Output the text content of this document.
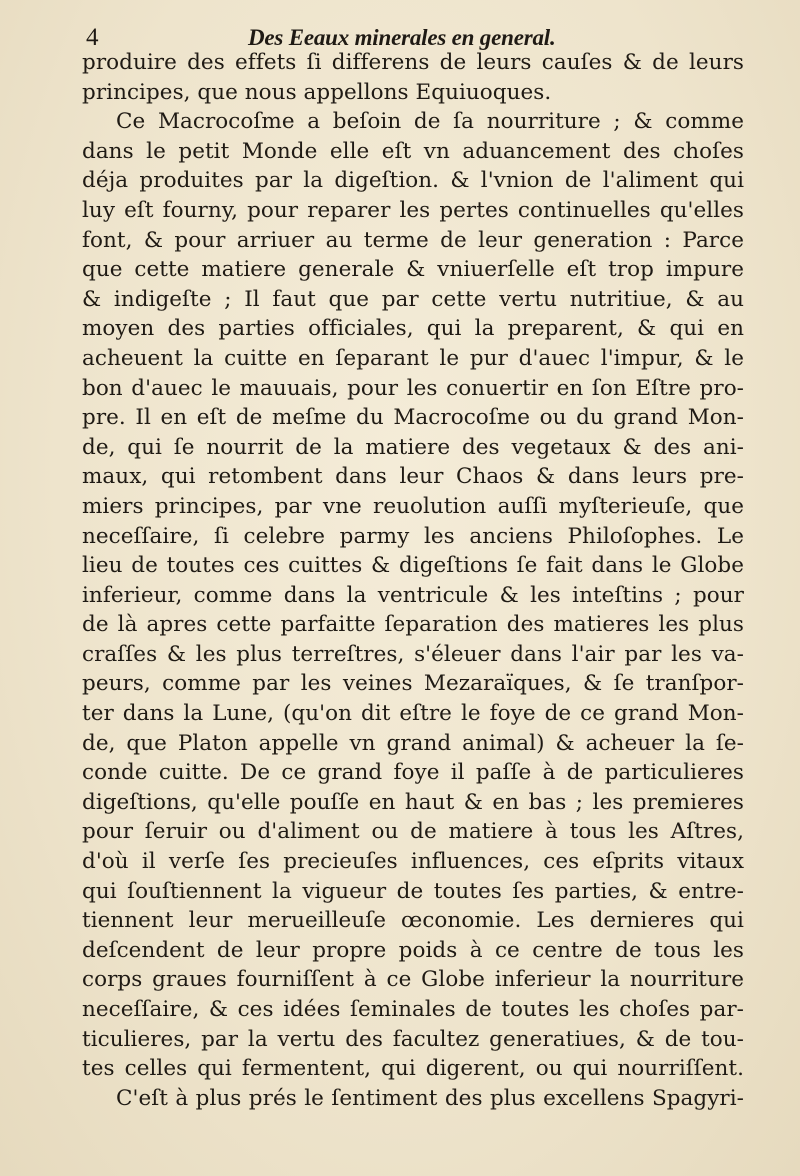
4	Des Eeaux minerales en general.
produire des effets ſi differens de leurs cauſes & de leurs
principes, que nous appellons Equiuoques.
Ce Macrocoſme a beſoin de ſa nourriture ; & comme
dans le petit Monde elle eſt vn aduancement des choſes
déja produites par la digeſtion. & l'vnion de l'aliment qui
luy eſt fourny, pour reparer les pertes continuelles qu'elles
font, & pour arriuer au terme de leur generation : Parce
que cette matiere generale & vniuerſelle eſt trop impure
& indigeſte ; Il faut que par cette vertu nutritiue, & au
moyen des parties officiales, qui la preparent, & qui en
acheuent la cuitte en ſeparant le pur d'auec l'impur, & le
bon d'auec le mauuais, pour les conuertir en ſon Eſtre pro-
pre. Il en eſt de meſme du Macrocoſme ou du grand Mon-
de, qui ſe nourrit de la matiere des vegetaux & des ani-
maux, qui retombent dans leur Chaos & dans leurs pre-
miers principes, par vne reuolution auſſi myſterieuſe, que
neceſſaire, ſi celebre parmy les anciens Philoſophes. Le
lieu de toutes ces cuittes & digeſtions ſe fait dans le Globe
inferieur, comme dans la ventricule & les inteſtins ; pour
de là apres cette parfaitte ſeparation des matieres les plus
craſſes & les plus terreſtres, s'éleuer dans l'air par les va-
peurs, comme par les veines Mezaraïques, & ſe tranſpor-
ter dans la Lune, (qu'on dit eſtre le foye de ce grand Mon-
de, que Platon appelle vn grand animal) & acheuer la ſe-
conde cuitte. De ce grand foye il paſſe à de particulieres
digeſtions, qu'elle pouſſe en haut & en bas ; les premieres
pour ſeruir ou d'aliment ou de matiere à tous les Aſtres,
d'où il verſe ſes precieuſes influences, ces eſprits vitaux
qui ſouſtiennent la vigueur de toutes ſes parties, & entre-
tiennent leur merueilleuſe œconomie. Les dernieres qui
deſcendent de leur propre poids à ce centre de tous les
corps graues fourniſſent à ce Globe inferieur la nourriture
neceſſaire, & ces idées ſeminales de toutes les choſes par-
ticulieres, par la vertu des facultez generatiues, & de tou-
tes celles qui fermentent, qui digerent, ou qui nourriſſent.
C'eſt à plus prés le ſentiment des plus excellens Spagyri-
